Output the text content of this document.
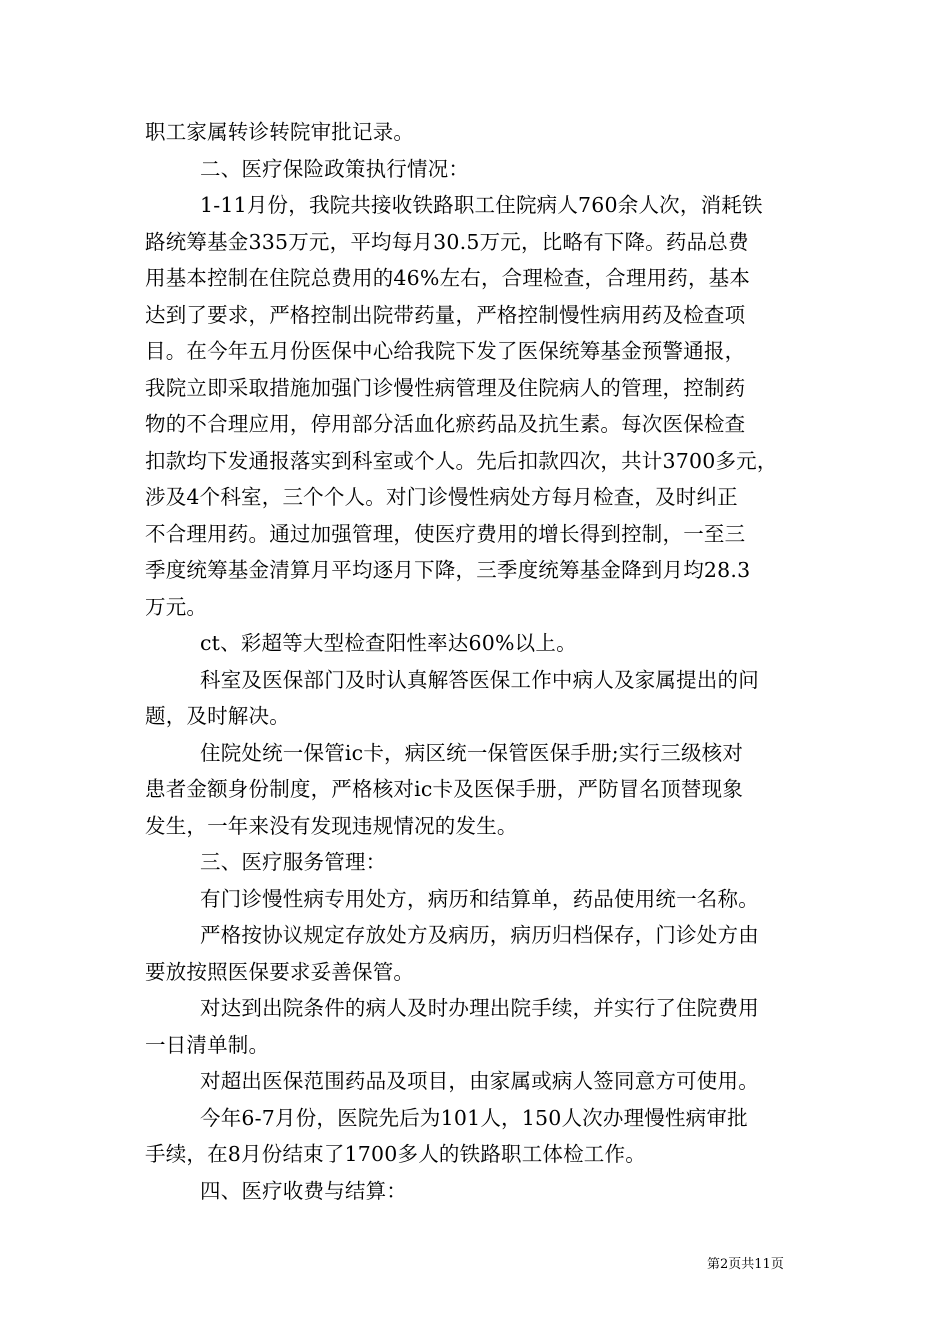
职工家属转诊转院审批记录。
二、医疗保险政策执行情况：
1-11月份，我院共接收铁路职工住院病人760余人次，消耗铁
路统筹基金335万元，平均每月30.5万元，比略有下降。药品总费
用基本控制在住院总费用的46%左右，合理检查，合理用药，基本
达到了要求，严格控制出院带药量，严格控制慢性病用药及检查项
目。在今年五月份医保中心给我院下发了医保统筹基金预警通报，
我院立即采取措施加强门诊慢性病管理及住院病人的管理，控制药
物的不合理应用，停用部分活血化瘀药品及抗生素。每次医保检查
扣款均下发通报落实到科室或个人。先后扣款四次，共计3700多元，
涉及4个科室，三个个人。对门诊慢性病处方每月检查，及时纠正
不合理用药。通过加强管理，使医疗费用的增长得到控制，一至三
季度统筹基金清算月平均逐月下降，三季度统筹基金降到月均28.3
万元。
ct、彩超等大型检查阳性率达60%以上。
科室及医保部门及时认真解答医保工作中病人及家属提出的问
题，及时解决。
住院处统一保管ic卡，病区统一保管医保手册;实行三级核对
患者金额身份制度，严格核对ic卡及医保手册，严防冒名顶替现象
发生，一年来没有发现违规情况的发生。
三、医疗服务管理：
有门诊慢性病专用处方，病历和结算单，药品使用统一名称。
严格按协议规定存放处方及病历，病历归档保存，门诊处方由
要放按照医保要求妥善保管。
对达到出院条件的病人及时办理出院手续，并实行了住院费用
一日清单制。
对超出医保范围药品及项目，由家属或病人签同意方可使用。
今年6-7月份，医院先后为101人，150人次办理慢性病审批
手续，在8月份结束了1700多人的铁路职工体检工作。
四、医疗收费与结算：
第2页共11页
